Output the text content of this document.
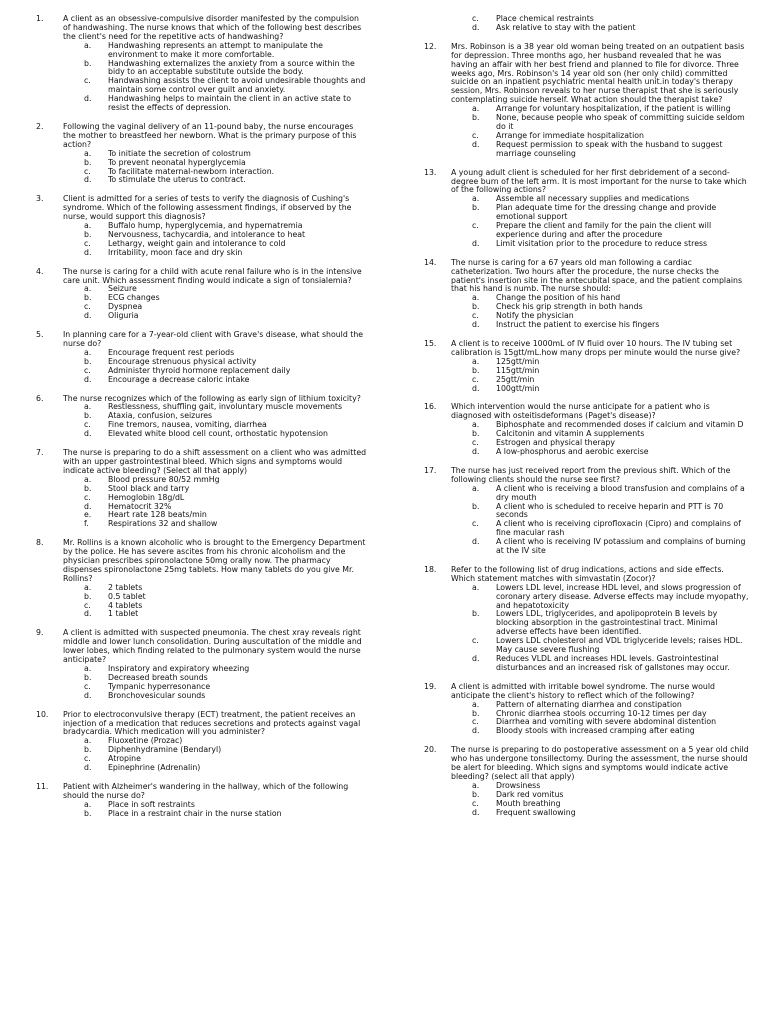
1.	A client as an obsessive-compulsive disorder manifested by the compulsion of handwashing. The nurse knows that which of the following best describes the client's need for the repetitive acts of handwashing?
a.	Handwashing represents an attempt to manipulate the environment to make it more comfortable.
b.	Handwashing externalizes the anxiety from a source within the bidy to an acceptable substitute outside the body.
c.	Handwashing assists the client to avoid undesirable thoughts and maintain some control over guilt and anxiety.
d.	Handwashing helps to maintain the client in an active state to resist the effects of depression.
2.	Following the vaginal delivery of an 11-pound baby, the nurse encourages the mother to breastfeed her newborn. What is the primary purpose of this action?
a.	To initiate the secretion of colostrum
b.	To prevent neonatal hyperglycemia
c.	To facilitate maternal-newborn interaction.
d.	To stimulate the uterus to contract.
3.	Client is admitted for a series of tests to verify the diagnosis of Cushing's syndrome. Which of the following assessment findings, if observed by the nurse, would support this diagnosis?
a.	Buffalo hump, hyperglycemia, and hypernatremia
b.	Nervousness, tachycardia, and intolerance to heat
c.	Lethargy, weight gain and intolerance to cold
d.	Irritability, moon face and dry skin
4.	The nurse is caring for a child with acute renal failure who is in the intensive care unit. Which assessment finding would indicate a sign of tonsialemia?
a.	Seizure
b.	ECG changes
c.	Dyspnea
d.	Oliguria
5.	In planning care for a 7-year-old client with Grave's disease, what should the nurse do?
a.	Encourage frequent rest periods
b.	Encourage strenuous physical activity
c.	Administer thyroid hormone replacement daily
d.	Encourage a decrease caloric intake
6.	The nurse recognizes which of the following as early sign of lithium toxicity?
a.	Restlessness, shuffling gait, involuntary muscle movements
b.	Ataxia, confusion, seizures
c.	Fine tremors, nausea, vomiting, diarrhea
d.	Elevated white blood cell count, orthostatic hypotension
7.	The nurse is preparing to do a shift assessment on a client who was admitted with an upper gastrointestinal bleed. Which signs and symptoms would indicate active bleeding? (Select all that apply)
a.	Blood pressure 80/52 mmHg
b.	Stool black and tarry
c.	Hemoglobin 18g/dL
d.	Hematocrit 32%
e.	Heart rate 128 beats/min
f.	Respirations 32 and shallow
8.	Mr. Rollins is a known alcoholic who is brought to the Emergency Department by the police. He has severe ascites from his chronic alcoholism and the physician prescribes spironolactone 50mg orally now. The pharmacy dispenses spironolactone 25mg tablets. How many tablets do you give Mr. Rollins?
a.	2 tablets
b.	0.5 tablet
c.	4 tablets
d.	1 tablet
9.	A client is admitted with suspected pneumonia. The chest xray reveals right middle and lower lunch consolidation. During auscultation of the middle and lower lobes, which finding related to the pulmonary system would the nurse anticipate?
a.	Inspiratory and expiratory wheezing
b.	Decreased breath sounds
c.	Tympanic hyperresonance
d.	Bronchovesicular sounds
10.	Prior to electroconvulsive therapy (ECT) treatment, the patient receives an injection of a medication that reduces secretions and protects against vagal bradycardia. Which medication will you administer?
a.	Fluoxetine (Prozac)
b.	Diphenhydramine (Bendaryl)
c.	Atropine
d.	Epinephrine (Adrenalin)
11.	Patient with Alzheimer's wandering in the hallway, which of the following should the nurse do?
a.	Place in soft restraints
b.	Place in a restraint chair in the nurse station
c.	Place chemical restraints
d.	Ask relative to stay with the patient
12.	Mrs. Robinson is a 38 year old woman being treated on an outpatient basis for depression. Three months ago, her husband revealed that he was having an affair with her best friend and planned to file for divorce. Three weeks ago, Mrs. Robinson's 14 year old son (her only child) committed suicide on an inpatient psychiatric mental health unit.in today's therapy session, Mrs. Robinson reveals to her nurse therapist that she is seriously contemplating suicide herself. What action should the therapist take?
a.	Arrange for voluntary hospitalization, if the patient is willing
b.	None, because people who speak of committing suicide seldom do it
c.	Arrange for immediate hospitalization
d.	Request permission to speak with the husband to suggest marriage counseling
13.	A young adult client is scheduled for her first debridement of a second-degree burn of the left arm. It is most important for the nurse to take which of the following actions?
a.	Assemble all necessary supplies and medications
b.	Plan adequate time for the dressing change and provide emotional support
c.	Prepare the client and family for the pain the client will experience during and after the procedure
d.	Limit visitation prior to the procedure to reduce stress
14.	The nurse is caring for a 67 years old man following a cardiac catheterization. Two hours after the procedure, the nurse checks the patient's insertion site in the antecubital space, and the patient complains that his hand is numb. The nurse should:
a.	Change the position of his hand
b.	Check his grip strength in both hands
c.	Notify the physician
d.	Instruct the patient to exercise his fingers
15.	A client is to receive 1000mL of IV fluid over 10 hours. The IV tubing set calibration is 15gtt/mL.how many drops per minute would the nurse give?
a.	125gtt/min
b.	115gtt/min
c.	25gtt/min
d.	100gtt/min
16.	Which intervention would the nurse anticipate for a patient who is diagnosed with osteitisdeformans (Paget's disease)?
a.	Biphosphate and recommended doses if calcium and vitamin D
b.	Calcitonin and vitamin A supplements
c.	Estrogen and physical therapy
d.	A low-phosphorus and aerobic exercise
17.	The nurse has just received report from the previous shift. Which of the following clients should the nurse see first?
a.	A client who is receiving a blood transfusion and complains of a dry mouth
b.	A client who is scheduled to receive heparin and PTT is 70 seconds
c.	A client who is receiving ciprofloxacin (Cipro) and complains of fine macular rash
d.	A client who is receiving IV potassium and complains of burning at the IV site
18.	Refer to the following list of drug indications, actions and side effects. Which statement matches with simvastatin (Zocor)?
a.	Lowers LDL level, increase HDL level, and slows progression of coronary artery disease. Adverse effects may include myopathy, and hepatotoxicity
b.	Lowers LDL, triglycerides, and apolipoprotein B levels by blocking absorption in the gastrointestinal tract. Minimal adverse effects have been identified.
c.	Lowers LDL cholesterol and VDL triglyceride levels; raises HDL. May cause severe flushing
d.	Reduces VLDL and increases HDL levels. Gastrointestinal disturbances and an increased risk of gallstones may occur.
19.	A client is admitted with irritable bowel syndrome. The nurse would anticipate the client's history to reflect which of the following?
a.	Pattern of alternating diarrhea and constipation
b.	Chronic diarrhea stools occurring 10-12 times per day
c.	Diarrhea and vomiting with severe abdominal distention
d.	Bloody stools with increased cramping after eating
20.	The nurse is preparing to do postoperative assessment on a 5 year old child who has undergone tonsillectomy. During the assessment, the nurse should be alert for bleeding. Which signs and symptoms would indicate active bleeding? (select all that apply)
a.	Drowsiness
b.	Dark red vomitus
c.	Mouth breathing
d.	Frequent swallowing
